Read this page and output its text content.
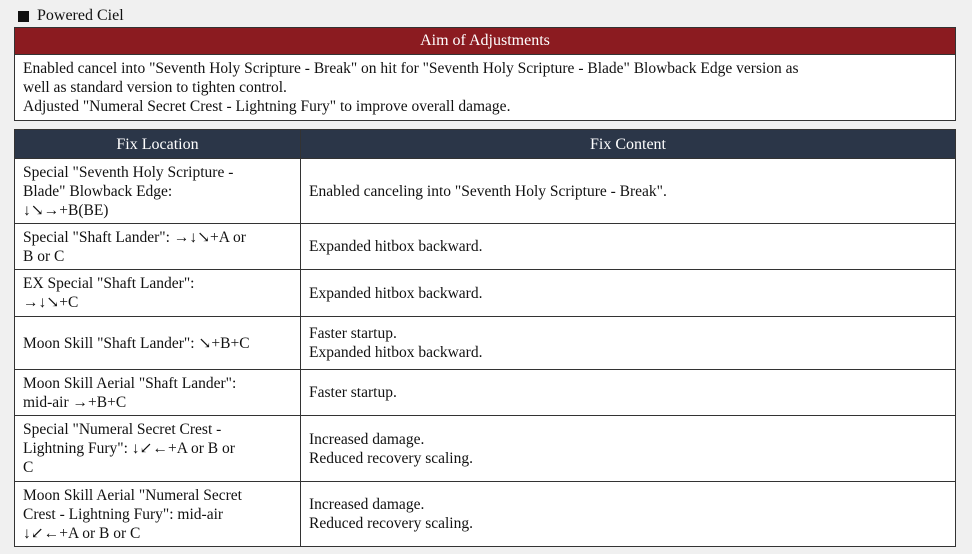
Powered Ciel
Aim of Adjustments
Enabled cancel into "Seventh Holy Scripture - Break" on hit for "Seventh Holy Scripture - Blade" Blowback Edge version as
well as standard version to tighten control.
Adjusted "Numeral Secret Crest - Lightning Fury" to improve overall damage.
Fix Location	Fix Content

Special "Seventh Holy Scripture -
Blade" Blowback Edge:
↓↘→+B(BE)	Enabled canceling into "Seventh Holy Scripture - Break".

Special "Shaft Lander": →↓↘+A or
B or C	Expanded hitbox backward.

EX Special "Shaft Lander":
→↓↘+C	Expanded hitbox backward.

Moon Skill "Shaft Lander": ↘+B+C	Faster startup.
Expanded hitbox backward.

Moon Skill Aerial "Shaft Lander":
mid-air →+B+C	Faster startup.

Special "Numeral Secret Crest -
Lightning Fury": ↓↙←+A or B or
C	Increased damage.
Reduced recovery scaling.

Moon Skill Aerial "Numeral Secret
Crest - Lightning Fury": mid-air
↓↙←+A or B or C	Increased damage.
Reduced recovery scaling.
